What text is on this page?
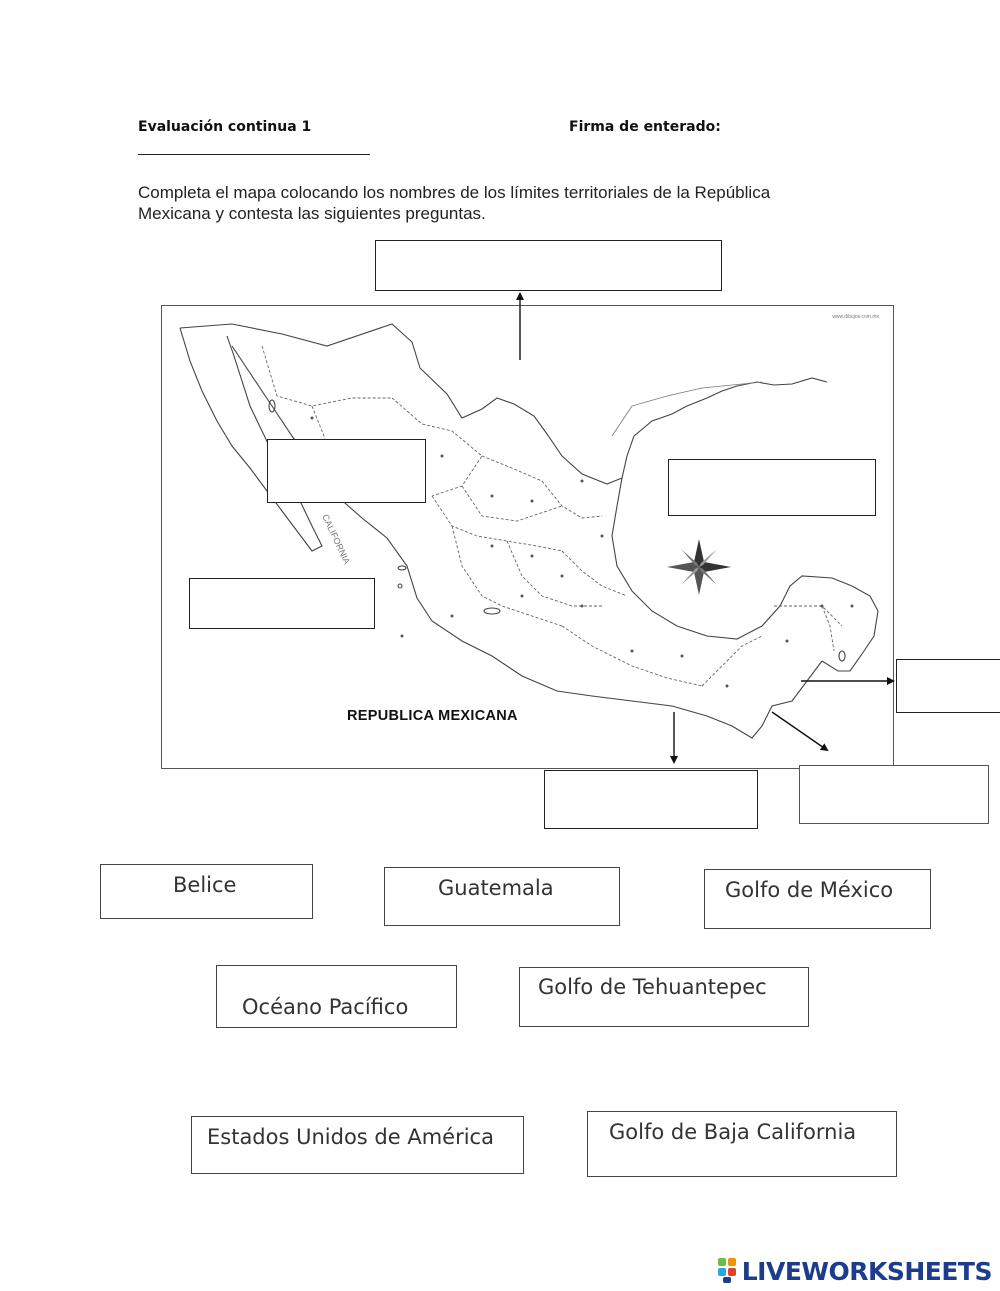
Evaluación continua 1	Firma de enterado:
Completa el mapa colocando los nombres de los límites territoriales de la República Mexicana y contesta las siguientes preguntas.
CALIFORNIA
REPUBLICA MEXICANA
www.dibujos.com.mx
Belice	Guatemala	Golfo de México
Océano Pacífico
Golfo de Tehuantepec
Estados Unidos de América	Golfo de Baja California
LIVEWORKSHEETS
